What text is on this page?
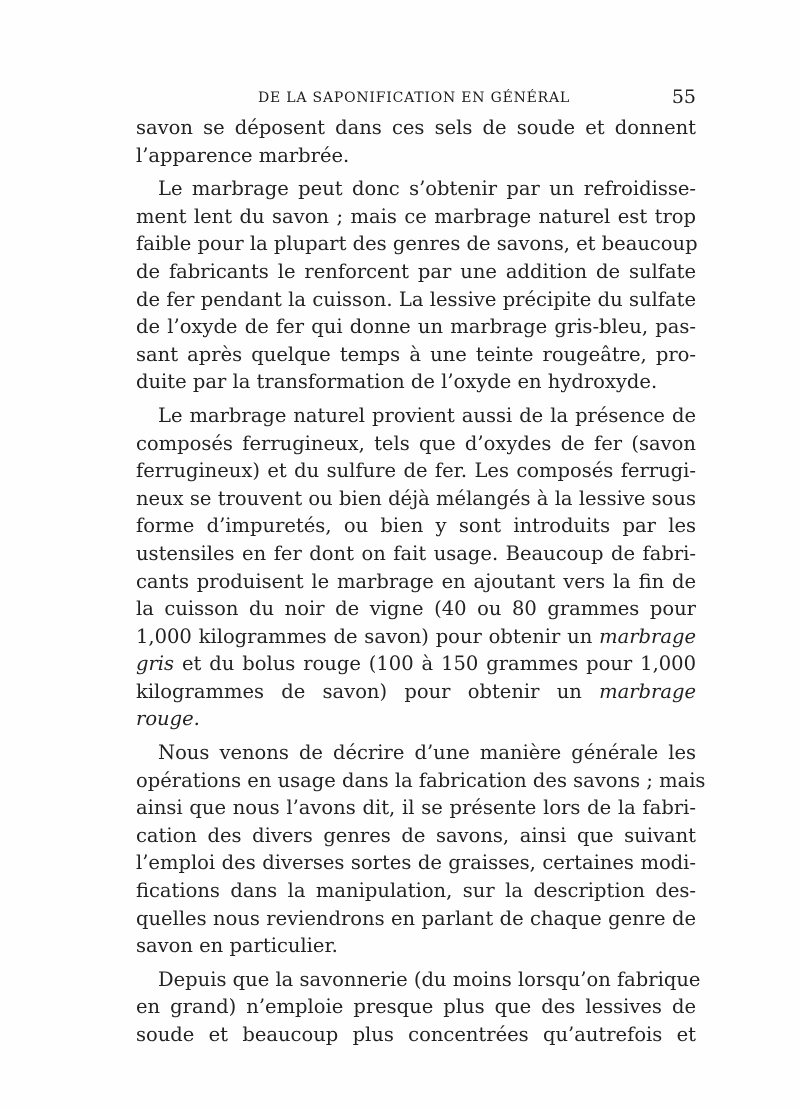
DE LA SAPONIFICATION EN GÉNÉRAL	55
savon se déposent dans ces sels de soude et donnent
l’apparence marbrée.
Le marbrage peut donc s’obtenir par un refroidisse-
ment lent du savon ; mais ce marbrage naturel est trop
faible pour la plupart des genres de savons, et beaucoup
de fabricants le renforcent par une addition de sulfate
de fer pendant la cuisson. La lessive précipite du sulfate
de l’oxyde de fer qui donne un marbrage gris-bleu, pas-
sant après quelque temps à une teinte rougeâtre, pro-
duite par la transformation de l’oxyde en hydroxyde.
Le marbrage naturel provient aussi de la présence de
composés ferrugineux, tels que d’oxydes de fer (savon
ferrugineux) et du sulfure de fer. Les composés ferrugi-
neux se trouvent ou bien déjà mélangés à la lessive sous
forme d’impuretés, ou bien y sont introduits par les
ustensiles en fer dont on fait usage. Beaucoup de fabri-
cants produisent le marbrage en ajoutant vers la fin de
la cuisson du noir de vigne (40 ou 80 grammes pour
1,000 kilogrammes de savon) pour obtenir un marbrage
gris et du bolus rouge (100 à 150 grammes pour 1,000
kilogrammes de savon) pour obtenir un marbrage
rouge.
Nous venons de décrire d’une manière générale les
opérations en usage dans la fabrication des savons ; mais
ainsi que nous l’avons dit, il se présente lors de la fabri-
cation des divers genres de savons, ainsi que suivant
l’emploi des diverses sortes de graisses, certaines modi-
fications dans la manipulation, sur la description des-
quelles nous reviendrons en parlant de chaque genre de
savon en particulier.
Depuis que la savonnerie (du moins lorsqu’on fabrique
en grand) n’emploie presque plus que des lessives de
soude et beaucoup plus concentrées qu’autrefois et
